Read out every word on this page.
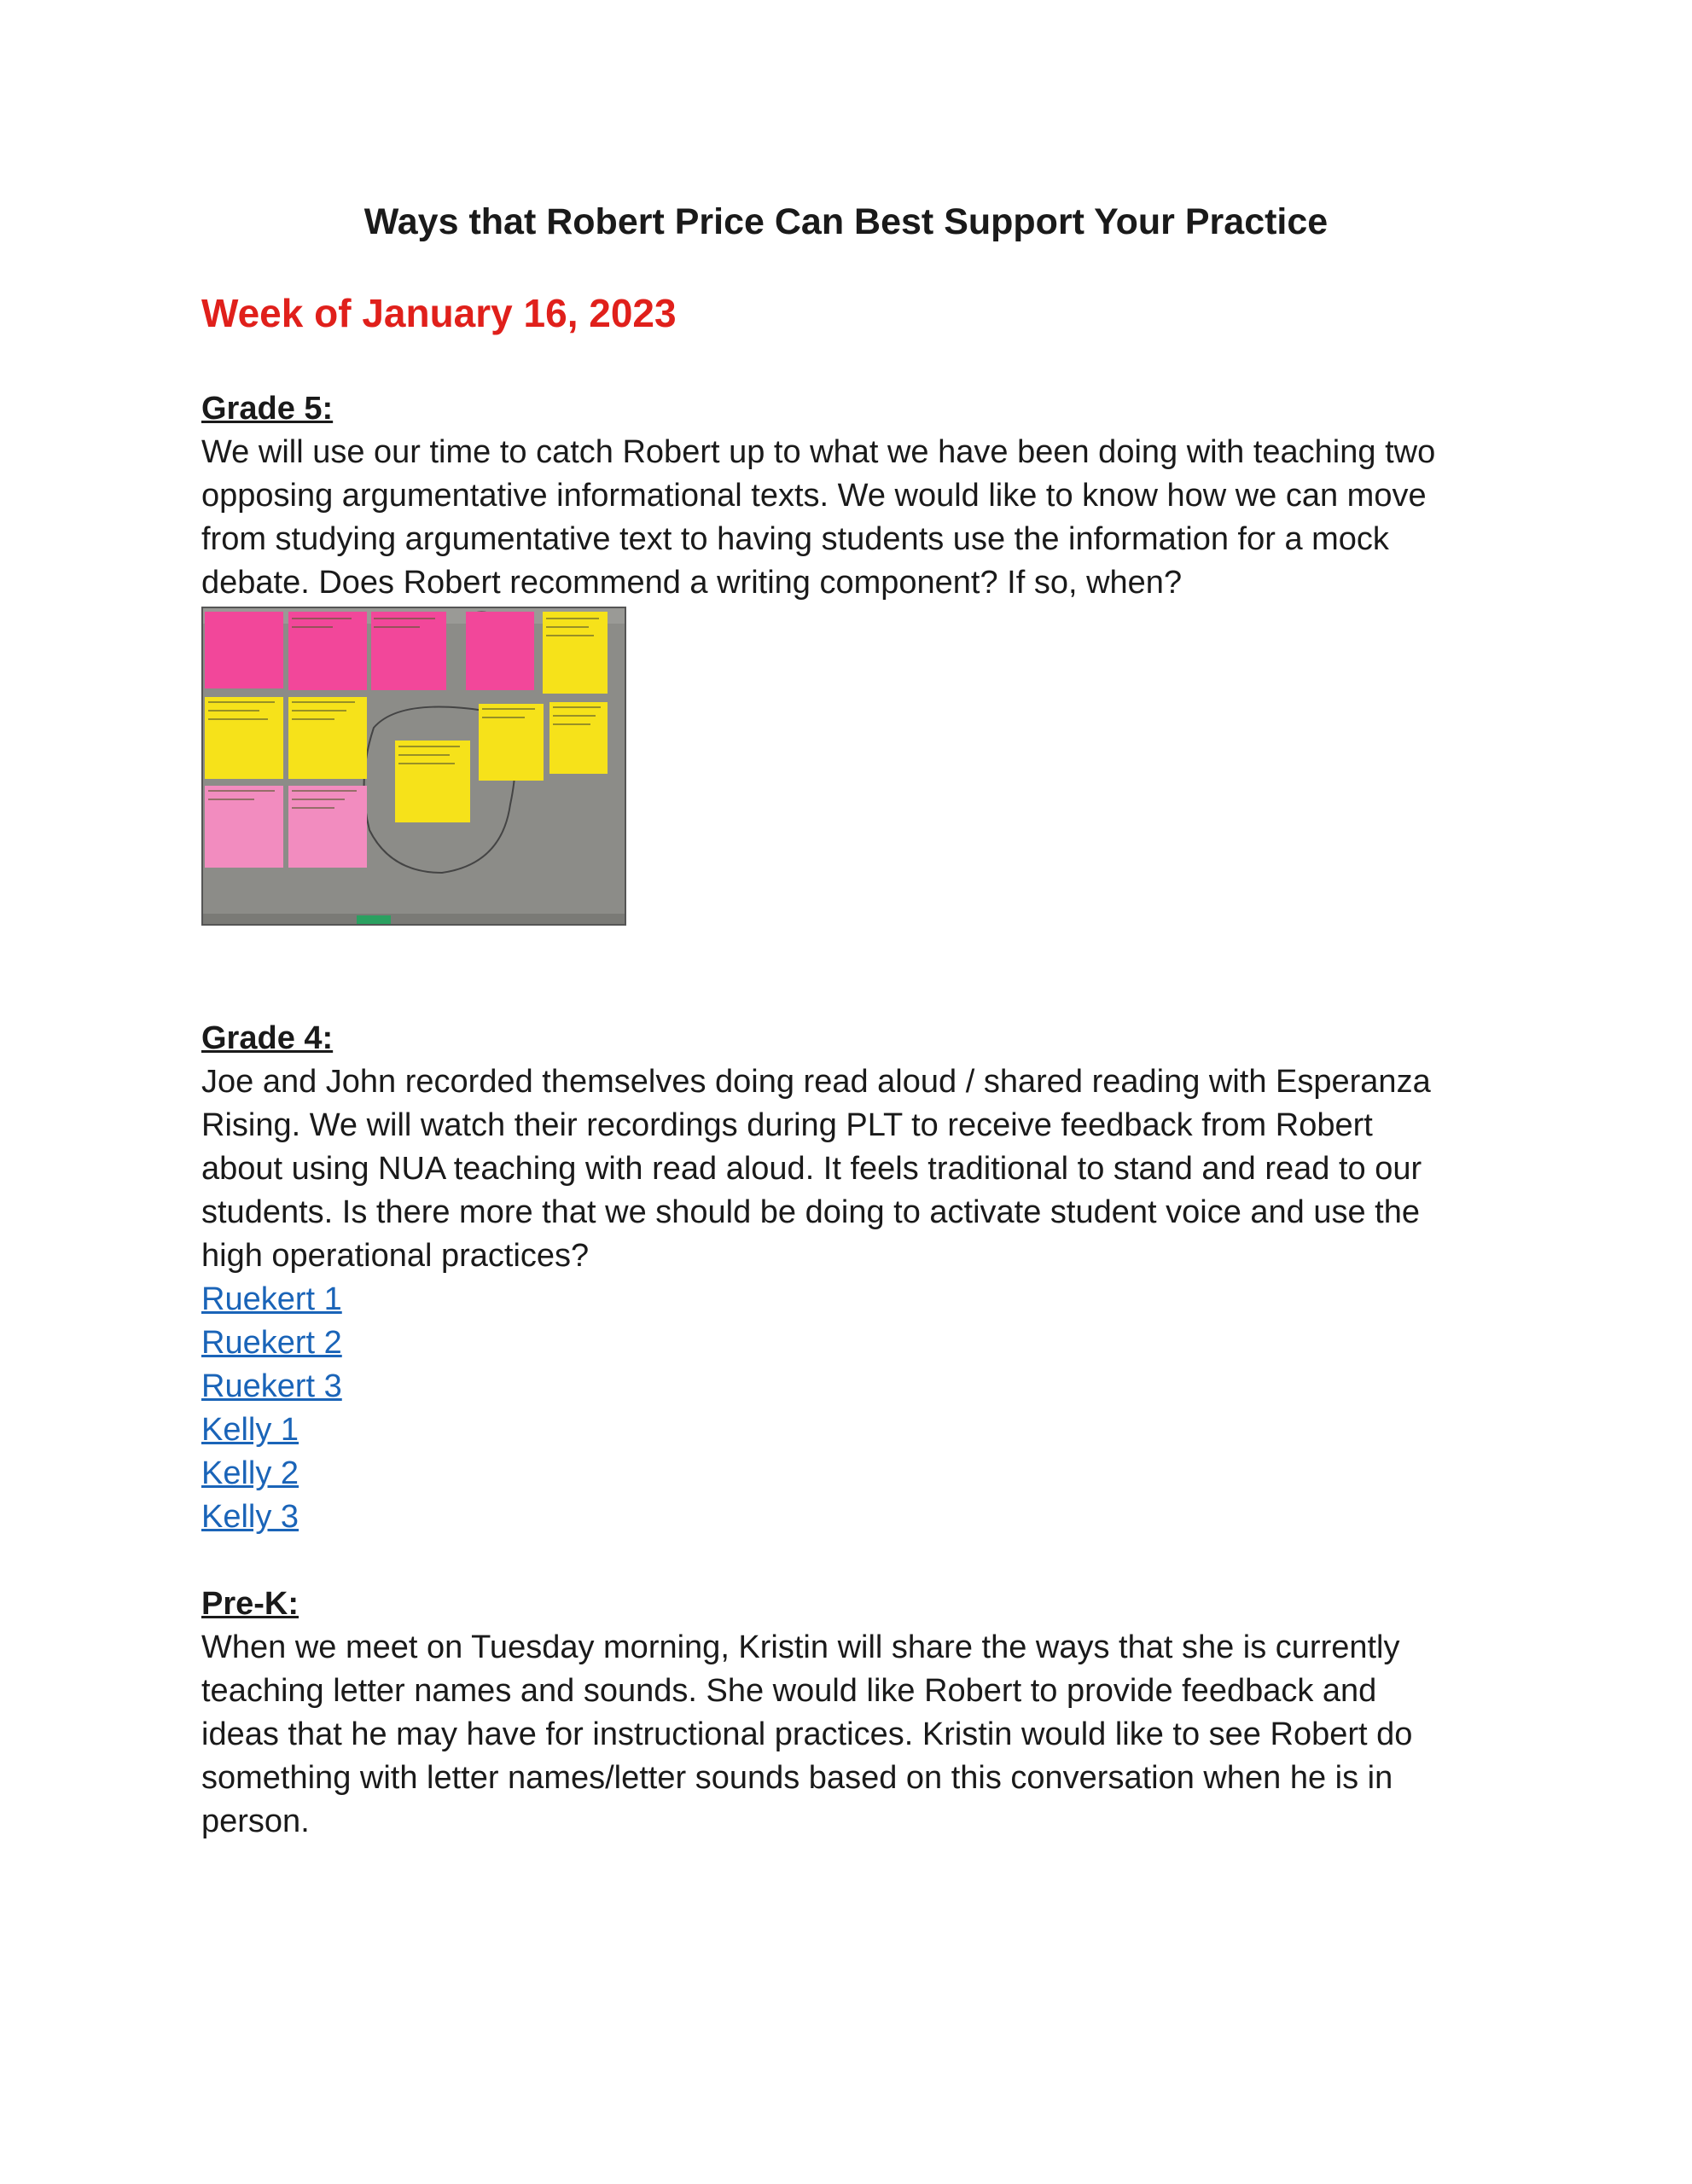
Ways that Robert Price Can Best Support Your Practice
Week of January 16, 2023

Grade 5:

We will use our time to catch Robert up to what we have been doing with teaching two

opposing argumentative informational texts. We would like to know how we can move

from studying argumentative text to having students use the information for a mock

debate. Does Robert recommend a writing component? If so, when?

Grade 4:

Joe and John recorded themselves doing read aloud / shared reading with Esperanza

Rising. We will watch their recordings during PLT to receive feedback from Robert

about using NUA teaching with read aloud. It feels traditional to stand and read to our

students. Is there more that we should be doing to activate student voice and use the

high operational practices?

Ruekert 1
Ruekert 2
Ruekert 3
Kelly 1
Kelly 2
Kelly 3

Pre-K:

When we meet on Tuesday morning, Kristin will share the ways that she is currently

teaching letter names and sounds. She would like Robert to provide feedback and

ideas that he may have for instructional practices. Kristin would like to see Robert do

something with letter names/letter sounds based on this conversation when he is in

person.
